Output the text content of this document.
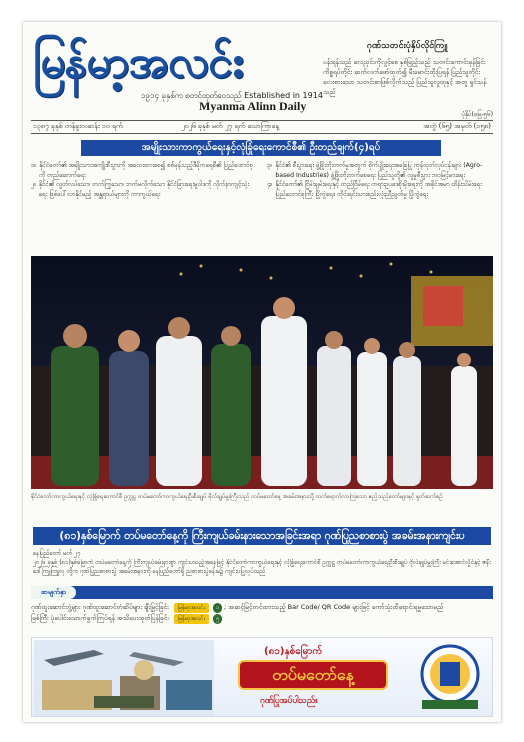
မြန်မာ့အလင်း
၁၉၁၄ ခုနှစ်က စတင်ထုတ်ဝေသည် Established in 1914
Myanma Alinn Daily
ဂုဏ်သတင်းပုံနှိပ်လိုင်ကြူ
ပန်းရန်သည် လေညှင်းကိုလွင့်စေ နှစ်မြည့်သည် သတင်းကောင်းမှန်ခြင်း ကိစ္စရပ်တိုင်း ဆက်လက်ဖော်ထုတ်၍ မီးမောင်းထိုးပြရန် ပြည်သူတိုင်း လေးစားသော သတင်းစာဖြစ်လိုက်သည် ပြည်သူလူထုနှင့် အတူ ရှင်သန်သည်
ပုံနှိပ်(ဖမြ-၅၆)
၁၃၈၇ ခုနှစ် တန်ခူးလဆန်း ၁၀ ရက်	၂၀၂၆ ခုနှစ် မတ် ၂၇ ရက် သောကြာနေ့	အတွဲ (၆၅) အမှတ် (၁၅၈)
အမျိုးသားကာကွယ်ရေးနှင့်လုံခြုံရေးကောင်စီ၏ ဦးတည်ချက်(၄)ရပ်
၁။ နိုင်ငံတော်၏ အမျိုးသားအကျိုးစီးပွားကို အလေးထားစေ၍ စစ်မှန်သည့်ဒီမိုကရေစီ၏ ပြည်ထောင်စုကို တည်ဆောက်ရေး
၂။ နိုင်ငံ၏ လွတ်လပ်သော၊ တက်ကြွသော၊ ဘက်မလိုက်သော နိုင်ငံခြားရေးမူဝါဒကို လိုက်နာကျင့်သုံးရေး ဖြစ်ပေါ်လာနိုင်မည့် အန္တရာယ်များကို ကာကွယ်ရေး
၃။ နိုင်ငံ၏ စီးပွားရေး ဖွံ့ဖြိုးတိုးတက်မှုအတွက် စိုက်ပျိုးရေးအခြေပြု ကုန်ထုတ်လုပ်ငန်းများ (Agro-based Industries) ဖွံ့ဖြိုးတိုးတက်စေရေး ပြည်သူတို့၏ လူမှုစီးပွား ဘဝမြင့်မားရေး
၄။ နိုင်ငံတော်၏ ငြိမ်းချမ်းရေးနှင့် တည်ငြိမ်ရေး တရားဥပဒေစိုးမိုးရေးကို အခိုင်အမာ ထိန်းသိမ်းရေး ပြည်ထောင်စုကြီး ပြိုကွဲရေး၊ တိုင်းရင်းသားစည်းလုံးညီညွတ်မှု ပြိုကွဲရေး
နိုင်ငံတော်ကာကွယ်ရေးနှင့် လုံခြုံရေးကောင်စီ ဥက္ကဋ္ဌ တပ်မတော်ကာကွယ်ရေးဦးစီးချုပ် ဗိုလ်ချုပ်မှူးကြီးသည် တပ်မတော်နေ့ အခမ်းအနားသို့ တက်ရောက်လာကြသော ဧည့်သည်တော်များနှင့် နှုတ်ဆက်စဉ်
(၈၁)နှစ်မြောက် တပ်မတော်နေ့ကို ကြီးကျယ်ခမ်းနားသောအခြင်းအရာ ဂုဏ်ပြုညစာစားပွဲ အခမ်းအနားကျင်းပ
နေပြည်တော် မတ် ၂၇
၂၀၂၆ ခုနှစ် (၈၁)နှစ်မြောက် တပ်မတော်နေ့ကို ကြီးကျယ်ခမ်းနားစွာ ကျင်းပသည့်အနေဖြင့် နိုင်ငံတော်ကာကွယ်ရေးနှင့် လုံခြုံရေးကောင်စီ ဥက္ကဋ္ဌ တပ်မတော်ကာကွယ်ရေးဦးစီးချုပ် ဗိုလ်ချုပ်မှူးကြီး မင်းအောင်လှိုင်နှင့် ဇနီး ဒေါ်ကြူကြူလှ တို့က ဂုဏ်ပြုညစာစားပွဲ အခမ်းအနားကို နေပြည်တော်ရှိ ညစာစားပွဲခန်းမ၌ ကျင်းပပြုလုပ်သည်
စာမျက်နှာ
ဂုဏ်ထူးဆောင်ဘွဲ့များ ဂုဏ်ထူးဆောင်တံဆိပ်များ ချီးမြှင့်ခြင်း မြန်မာ့အလင်း ၁ ; အဆင့်မြင့်တင်ထားသည့် Bar Code/ QR Code များဖြင့် ကော်သုံးထိရောင်းရမှုသောမည်
မြစ်ကြီး ပုံပေါင်းသောက်ခွက်ကြပ်ရန် အသိပေးထုတ်ပြန်ခြင်း မြန်မာ့အလင်း ၅
(၈၁)နှစ်မြောက်
တပ်မတော်နေ့
ဂုဏ်ပြုအပ်ပါသည်။
